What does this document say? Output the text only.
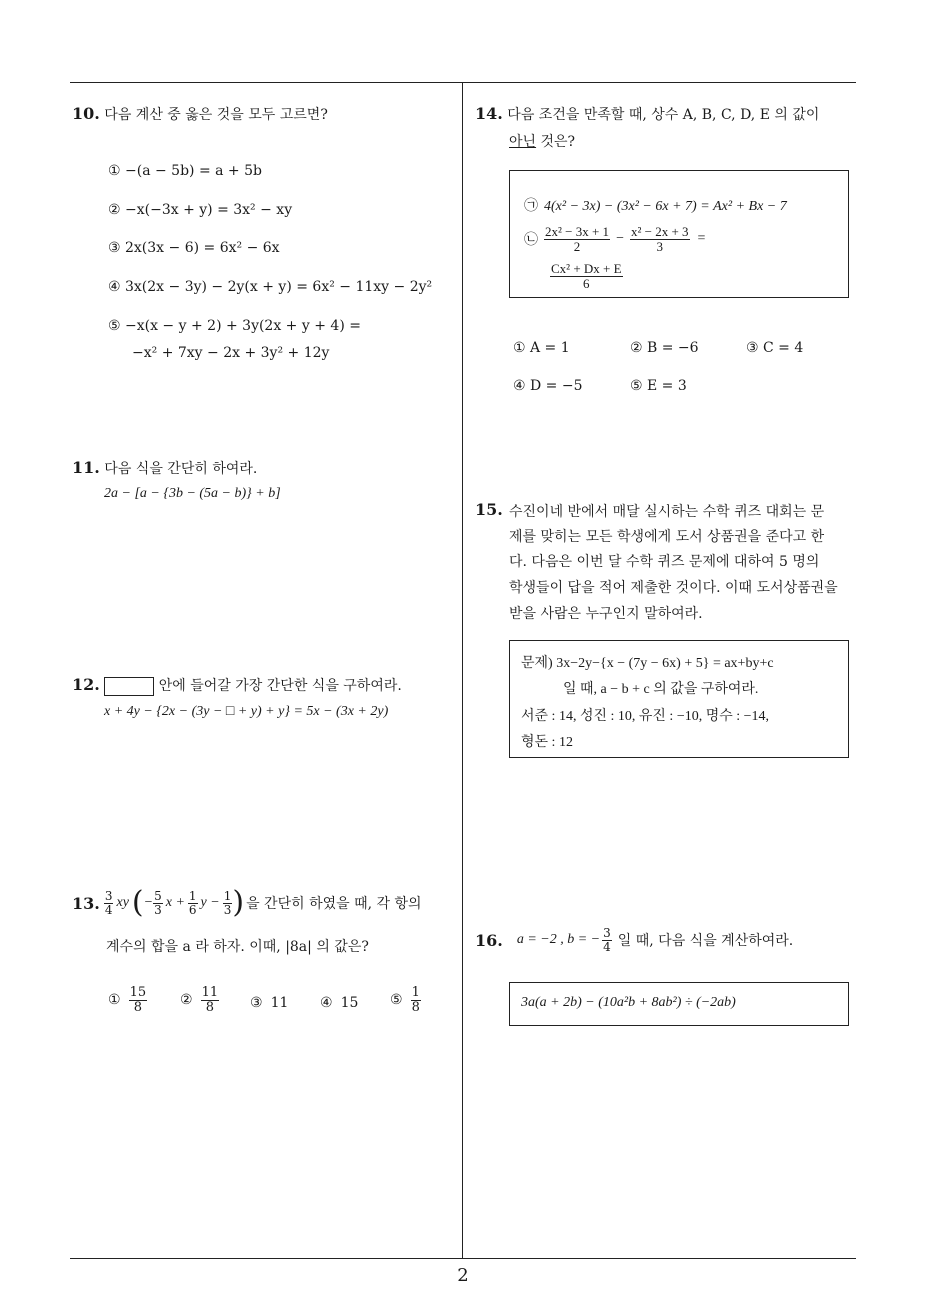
10. 다음 계산 중 옳은 것을 모두 고르면?
① −(a − 5b) = a + 5b
② −x(−3x + y) = 3x² − xy
③ 2x(3x − 6) = 6x² − 6x
④ 3x(2x − 3y) − 2y(x + y) = 6x² − 11xy − 2y²
⑤ −x(x − y + 2) + 3y(2x + y + 4) =
−x² + 7xy − 2x + 3y² + 12y
11. 다음 식을 간단히 하여라.
2a − [a − {3b − (5a − b)} + b]
12.	안에 들어갈 가장 간단한 식을 구하여라.
x + 4y − {2x − (3y − □ + y) + y} = 5x − (3x + 2y)
13. $\frac{3}{4}$ xy ( − $\frac{5}{3}$ $x + \frac{1}{6}$ $y - \frac{1}{3}$ ) 을 간단히 하였을 때, 각 항의
계수의 합을 a 라 하자. 이때, |8a| 의 값은?
① $\frac{15}{8}$ ② $\frac{11}{8}$ ③ 11 ④ 15 ⑤ $\frac{1}{8}$
14. 다음 조건을 만족할 때, 상수 A, B, C, D, E 의 값이
아닌 것은?
㉠ 4(x² − 3x) − (3x² − 6x + 7) = Ax² + Bx − 7
㉡ $\frac{\text{2x² − 3x + 1}}{2} - \frac{\text{x² − 2x + 3}}{3}$ =
$\frac{\text{Cx² + Dx + E}}{6}$
① A = 1	② B = −6	③ C = 4
④ D = −5	⑤ E = 3
15. 수진이네 반에서 매달 실시하는 수학 퀴즈 대회는 문
제를 맞히는 모든 학생에게 도서 상품권을 준다고 한
다. 다음은 이번 달 수학 퀴즈 문제에 대하여 5 명의
학생들이 답을 적어 제출한 것이다. 이때 도서상품권을
받을 사람은 누구인지 말하여라.
문제) 3x−2y−{x − (7y − 6x) + 5} = ax+by+c
일 때, a − b + c 의 값을 구하여라.
서준 : 14, 성진 : 10, 유진 : −10, 명수 : −14,
형돈 : 12
16. a = −2 , b = − $\frac{3}{4}$ 일 때, 다음 식을 계산하여라.
3a(a + 2b) − (10a²b + 8ab²) ÷ (−2ab)
2
